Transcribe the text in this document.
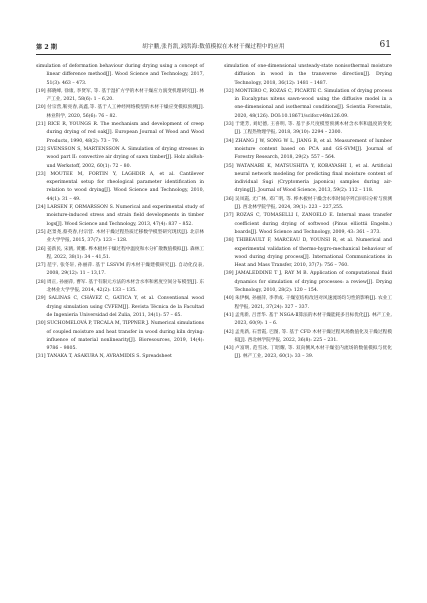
第 2 期	胡宇鹏,张肖凯,刘洪海:数值模拟在木材干燥过程中的应用	61

simulation of deformation behaviour during drying using a concept of linear difference method[J]. Wood Science and Technology, 2017, 51(3): 463 – 473.

[19] 郝晓峰, 徐康, 李贤军, 等. 基于湿扩方学的木材干燥应力演变机理研究[J]. 林产工业, 2021, 58(6): 1 – 6,20.

[20] 付宗营,靳亮春,高鑫,等. 基于人工神经网络模型的木材干燥应变模拟预测[J]. 林业科学, 2020, 56(6): 76 – 82.

[21] RICE R, YOUNGS R. The mechanism and development of creep during drying of red oak[J]. European Journal of Wood and Wood Products, 1990, 48(2): 73 – 79.

[22] SVENSSON S, MARTENSSON A. Simulation of drying stresses in wood part II: convective air drying of sawn timber[J]. Holz alsRoh-und Werkstoff, 2002, 60(1): 72 – 80.

[23] MOUTEE M, FORTIN Y, LAGHDIR A, et al. Cantilever experimental setup for rheological parameter identification in relation to wood drying[J]. Wood Science and Technology, 2010, 44(1): 31 – 49.

[24] LARSEN F, ORMARSSON S. Numerical and experimental study of moisture-induced stress and strain field developments in timber logs[J]. Wood Science and Technology, 2013, 47(4): 837 – 852.

[25] 赵景尧,蔡英春,付宗营. 木材干燥过程热质迁移数学模型研究现状[J]. 北京林业大学学报, 2015, 37(7): 123 – 128.

[26] 姜新民, 宋鸥, 黄鹏. 桦木板材干燥过程中温度和水分扩散数值模拟[J]. 森林工程, 2022, 38(1): 34 – 41,51.

[27] 范宇, 张冬轩, 孙丽萍. 基于 LSSVM 的木材干燥建模研究[J]. 自动化仪表, 2008, 29(12): 11 – 13,17.

[28] 周正, 孙丽萍, 曹军. 基于有限元方法的木材含水率和密度空间分布模型[J]. 东北林业大学学报, 2014, 42(2): 133 – 135.

[29] SALINAS C, CHÁVEZ C, GATICA Y, et al. Conventional wood drying simulation using CVFEM[J]. Revista Técnica de la Facultad de Ingeniería Universidad del Zulia, 2011, 34(1): 57 – 65.

[30] SUCHOMELOVÁ P, TRCALA M, TIPPNER J. Numerical simulations of coupled moisture and heat transfer in wood during kiln drying: influence of material nonlinearity[J]. Bioresources, 2019, 14(4): 9786 – 9805.

[31] TANAKA T, ASAKURA N, AVRAMIDIS S. Spreadsheet

simulation of one-dimensional unsteady-state nonisothermal moisture diffusion in wood in the transverse direction[J]. Drying Technology, 2018, 36(12): 1481 – 1487.

[32] MONTERO C, ROZAS C, PICARTE C. Simulation of drying process in Eucalyptus nitens sawn-wood using the diffusive model in a one-dimensional and isothermal conditions[J]. Scientia Forestalis, 2020, 48(126). DOI:10.18671/scifor.v48n126.09.

[33] 于建芳, 刘纪德, 王喜明, 等. 基于多尺度模型预测木材含水率和温度的变化[J]. 工程热物理学报, 2018, 39(10): 2294 – 2300.

[34] ZHANG J W, SONG W L, JIANG B, et al. Measurement of lumber moisture content based on PCA and GS-SVM[J]. Journal of Forestry Research, 2018, 29(2): 557 – 564.

[35] WATANABE K, MATSUSHITA Y, KOBAYASHI I, et al. Artificial neural network modeling for predicting final moisture content of individual Sugi (Cryptomeria japonica) samples during air-drying[J]. Journal of Wood Science, 2013, 59(2): 112 – 118.

[36] 吴凤霞, 尤广林, 邓广明, 等. 桦木板材干燥含水率时间序列自回归分析与预测[J]. 西北林学院学报, 2024, 39(1): 223 – 227,255.

[37] ROZAS C, TOMASELLI I, ZANOELO E. Internal mass transfer coefficient during drying of softwood (Pinus elliottii Engelm.) boards[J]. Wood Science and Technology, 2009, 43: 361 – 373.

[38] THIBEAULT F, MARCEAU D, YOUNSI R, et al. Numerical and experimental validation of thermo-hygro-mechanical behaviour of wood during drying process[J]. International Communications in Heat and Mass Transfer, 2010, 37(7): 756 – 760.

[39] JAMALEDDINE T J, RAY M B. Application of computational fluid dynamics for simulation of drying processes: a review[J]. Drying Technology, 2010, 28(2): 120 – 154.

[40] 朱伊枫, 孙丽萍, 李孝成. 干燥室结构改进对风速流场均匀性的影响[J]. 农业工程学报, 2021, 37(24): 327 – 337.

[41] 孟兆新, 吕晋华. 基于 NSGA-Ⅱ算法的木材干燥能耗多目标优化[J]. 林产工业, 2023, 60(9): 1 – 6.

[42] 孟兆新, 石晋霞, 巴图, 等. 基于 CFD 木材干燥过程风场数值化及干燥过程模拟[J]. 西北林学院学报, 2022, 36(8): 225 – 231.

[43] 卢富明, 范雪冰, 丁昭耀, 等. 双向侧风木材干燥室内流场的数值模拟与优化[J]. 林产工业, 2023, 60(1): 33 – 39.
